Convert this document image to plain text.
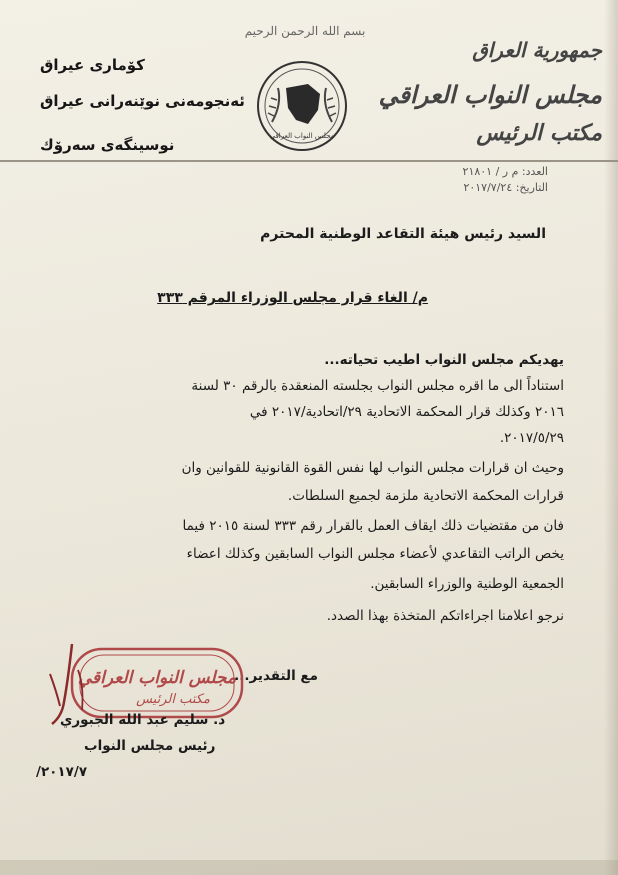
بسم الله الرحمن الرحيم
جمهورية العراق
مجلس النواب العراقي
مكتب الرئيس
كۆماری عیراق
ئه‌نجومه‌نی نوێنه‌رانی عیراق
نوسینگه‌ی سه‌رۆك	مجلس النواب العراقي
العدد: م ر / ٢١٨٠١
التاريخ: ٢٠١٧/٧/٢٤
السيد رئيس هيئة التقاعد الوطنية المحترم
م/ الغاء قرار مجلس الوزراء المرقم ٣٣٣
يهديكم مجلس النواب اطيب تحياته...
استناداً الى ما اقره مجلس النواب بجلسته المنعقدة بالرقم ٣٠ لسنة
٢٠١٦ وكذلك قرار المحكمة الاتحادية ٢٩/اتحادية/٢٠١٧ في
٢٠١٧/٥/٢٩.
وحيث ان قرارات مجلس النواب لها نفس القوة القانونية للقوانين وان
قرارات المحكمة الاتحادية ملزمة لجميع السلطات.
فان من مقتضيات ذلك ايقاف العمل بالقرار رقم ٣٣٣ لسنة ٢٠١٥ فيما
يخص الراتب التقاعدي لأعضاء مجلس النواب السابقين وكذلك اعضاء
الجمعية الوطنية والوزراء السابقين.
نرجو اعلامنا اجراءاتكم المتخذة بهذا الصدد.
مع التقدير...
مجلس النواب العراقي
مكتب الرئيس
د. سليم عبد الله الجبوري
رئيس مجلس النواب
٢٠١٧/٧/
